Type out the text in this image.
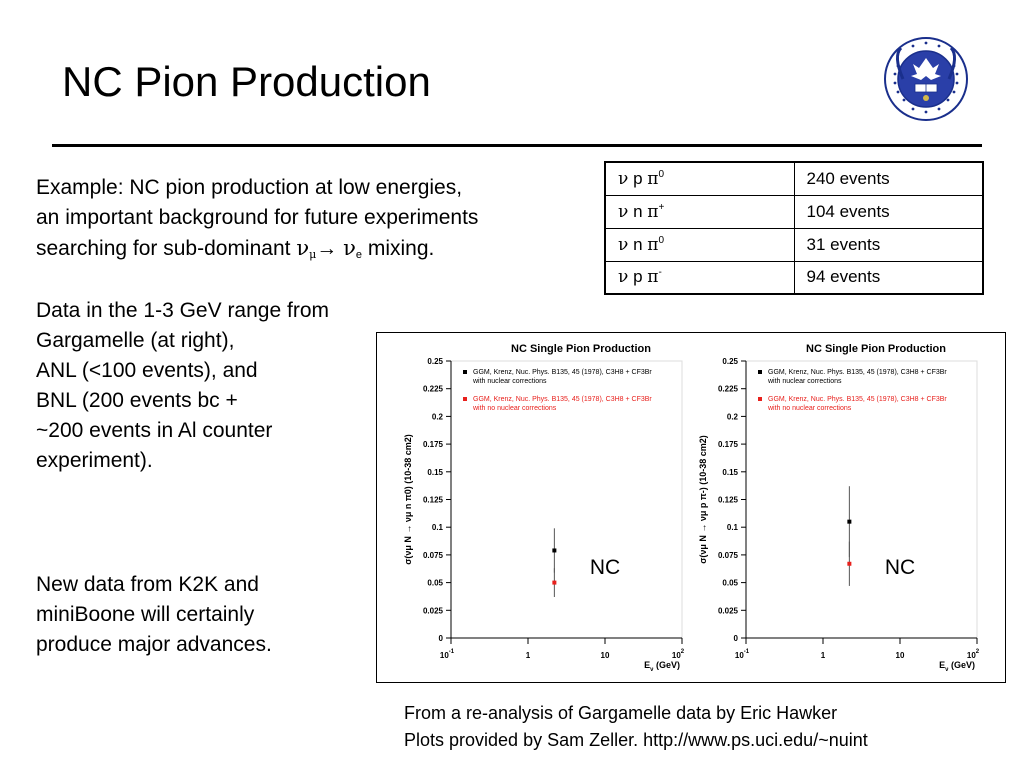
NC Pion Production
Example: NC pion production at low energies,
an important background for future experiments
searching for sub-dominant $\nu_\mu\to \nu_e$ mixing.
Data in the 1-3 GeV range from
Gargamelle (at right),
ANL (<100 events), and
BNL (200 events bc +
~200 events in Al counter
experiment).
New data from K2K and
miniBoone will certainly
produce major advances.
ν p $\pi^0$	240 events
ν n π+	104 events
ν n $\pi^0$	31 events
ν p π-	94 events
NC Single Pion Production
0
0.025
0.05
0.075
0.1
0.125
0.15
0.175
0.2
0.225
0.25
$10^{-1}$	1	10	$10^2$
$E_\nu$ (GeV)
σ(νμ N → νμ n π0) (10-38 cm2)
GGM, Krenz, Nuc. Phys. B135, 45 (1978), C3H8 + CF3Br
with nuclear corrections
GGM, Krenz, Nuc. Phys. B135, 45 (1978), C3H8 + CF3Br
with no nuclear corrections
NC
NC Single Pion Production
0
0.025
0.05
0.075
0.1
0.125
0.15
0.175
0.2
0.225
0.25
$10^{-1}$	1	10	$10^2$
$E_\nu$ (GeV)
σ(νμ N → νμ p π-) (10-38 cm2)
GGM, Krenz, Nuc. Phys. B135, 45 (1978), C3H8 + CF3Br
with nuclear corrections
GGM, Krenz, Nuc. Phys. B135, 45 (1978), C3H8 + CF3Br
with no nuclear corrections
NC
From a re-analysis of Gargamelle data by Eric Hawker
Plots provided by Sam Zeller. http://www.ps.uci.edu/~nuint
